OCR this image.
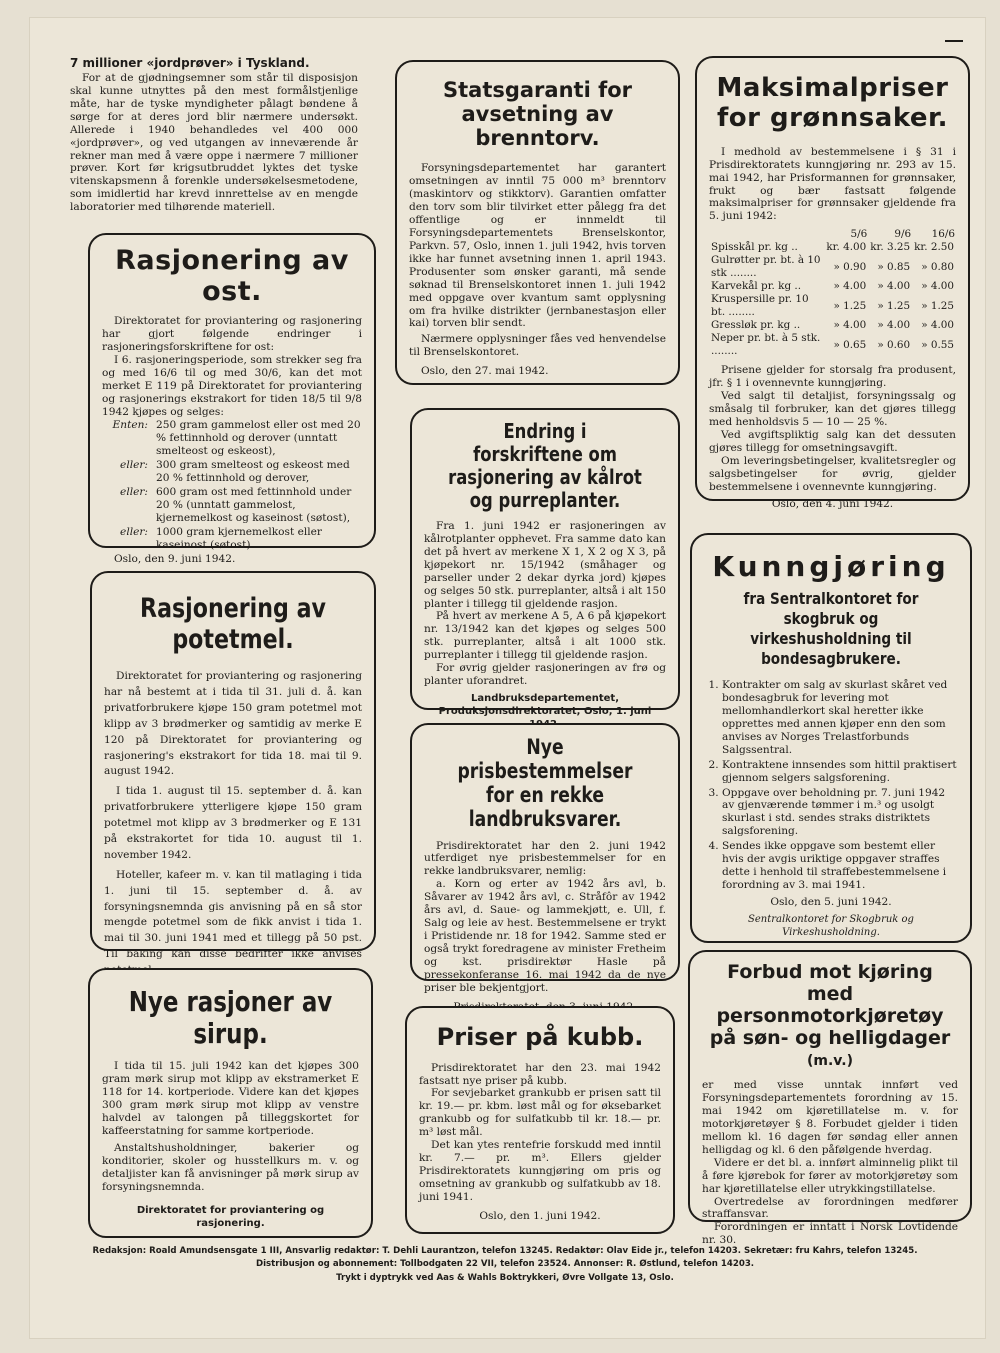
7 millioner «jordprøver» i Tyskland.

For at de gjødningsemner som står til disposisjon skal kunne utnyttes på den mest formålstjenlige måte, har de tyske myndigheter pålagt bøndene å sørge for at deres jord blir nærmere undersøkt. Allerede i 1940 behandledes vel 400 000 «jordprøver», og ved utgangen av inneværende år rekner man med å være oppe i nærmere 7 millioner prøver. Kort før krigsutbruddet lyktes det tyske vitenskapsmenn å forenkle undersøkelsesmetodene, som imidlertid har krevd innrettelse av en mengde laboratorier med tilhørende materiell.

Rasjonering av ost.

Direktoratet for proviantering og rasjonering har gjort følgende endringer i rasjoneringsforskriftene for ost:

I 6. rasjoneringsperiode, som strekker seg fra og med 16/6 til og med 30/6, kan det mot merket E 119 på Direktoratet for proviantering og rasjonerings ekstrakort for tiden 18/5 til 9/8 1942 kjøpes og selges:

Enten: 250 gram gammelost eller ost med 20 % fettinnhold og derover (unntatt smelteost og eskeost),
eller: 300 gram smelteost og eskeost med 20 % fettinnhold og derover,
eller: 600 gram ost med fettinnhold under 20 % (unntatt gammelost, kjernemelkost og kaseinost (søtost),
eller: 1000 gram kjernemelkost eller kaseinost (søtost).

Oslo, den 9. juni 1942.

Rasjonering av potetmel.

Direktoratet for proviantering og rasjonering har nå bestemt at i tida til 31. juli d. å. kan privatforbrukere kjøpe 150 gram potetmel mot klipp av 3 brødmerker og samtidig av merke E 120 på Direktoratet for proviantering og rasjonering's ekstrakort for tida 18. mai til 9. august 1942.

I tida 1. august til 15. september d. å. kan privatforbrukere ytterligere kjøpe 150 gram potetmel mot klipp av 3 brødmerker og E 131 på ekstrakortet for tida 10. august til 1. november 1942.

Hoteller, kafeer m. v. kan til matlaging i tida 1. juni til 15. september d. å. av forsyningsnemnda gis anvisning på en så stor mengde potetmel som de fikk anvist i tida 1. mai til 30. juni 1941 med et tillegg på 50 pst. Til baking kan disse bedrifter ikke anvises

Nye rasjoner av sirup.

I tida til 15. juli 1942 kan det kjøpes 300 gram mørk sirup mot klipp av ekstramerket E 118 for 14. kortperiode. Videre kan det kjøpes 300 gram mørk sirup mot klipp av venstre halvdel av talongen på tilleggskortet for kaffeerstatning for samme kortperiode.

Anstaltshusholdninger, bakerier og konditorier, skoler og husstellkurs m. v. og detaljister kan få anvisninger på mørk sirup av forsyningsnemnda.

Direktoratet for proviantering og rasjonering.
Statsgaranti for avsetning av brenntorv.

Forsyningsdepartementet har garantert omsetningen av inntil 75 000 m³ brenntorv (maskintorv og stikktorv). Garantien omfatter den torv som blir tilvirket etter pålegg fra det offentlige og er innmeldt til Forsyningsdepartementets Brenselskontor, Parkvn. 57, Oslo, innen 1. juli 1942, hvis torven ikke har funnet avsetning innen 1. april 1943. Produsenter som ønsker garanti, må sende søknad til Brenselskontoret innen 1. juli 1942 med oppgave over kvantum samt opplysning om fra hvilke distrikter (jernbanestasjon eller kai) torven blir sendt.

Nærmere opplysninger fåes ved henvendelse til Brenselskontoret.

Oslo, den 27. mai 1942.

Endring i forskriftene om rasjonering av kålrot og purreplanter.

Fra 1. juni 1942 er rasjoneringen av kålrotplanter opphevet. Fra samme dato kan det på hvert av merkene X 1, X 2 og X 3, på kjøpekort nr. 15/1942 (småhager og parseller under 2 dekar dyrka jord) kjøpes og selges 50 stk. purreplanter, altså i alt 150 planter i tillegg til gjeldende rasjon.

På hvert av merkene A 5, A 6 på kjøpekort nr. 13/1942 kan det kjøpes og selges 500 stk. purreplanter, altså i alt 1000 stk. purreplanter i tillegg til gjeldende rasjon.

For øvrig gjelder rasjoneringen av frø og planter uforandret.

Landbruksdepartementet, Produksjonsdirektoratet, Oslo, 1. juni
Nye prisbestemmelser for en rekke landbruksvarer.

Prisdirektoratet har den 2. juni 1942 utferdiget nye prisbestemmelser for en rekke landbruksvarer, nemlig:

a. Korn og erter av 1942 års avl, b. Såvarer av 1942 års avl, c. Stråfôr av 1942 års avl, d. Saue- og lammekjøtt, e. Ull, f. Salg og leie av hest. Bestemmelsene er trykt i Pristidende nr. 18 for 1942. Samme sted er også trykt foredragene av minister Fretheim og kst. prisdirektør Hasle på pressekonferanse 16. mai 1942 da de nye priser ble bekjentgjort.

Priser på kubb.

Prisdirektoratet har den 23. mai 1942 fastsatt nye priser på kubb.

For sevjebarket grankubb er prisen satt til kr. 19.— pr. kbm. løst mål og for øksebarket grankubb og for sulfatkubb til kr. 18.— pr. m³ løst mål.

Det kan ytes rentefrie forskudd med inntil kr. 7.— pr. m³. Ellers gjelder Prisdirektoratets kunngjøring om pris og omsetning av grankubb og sulfatkubb av 18. juni 1941.

Oslo, den 1. juni 1942.

Maksimalpriser for grønnsaker.

I medhold av bestemmelsene i § 31 i Prisdirektoratets kunngjøring nr. 293 av 15. mai 1942, har Prisformannen for grønnsaker, frukt og bær fastsatt følgende maksimalpriser for grønnsaker gjeldende fra 5. juni 1942:

	5/6	9/6	16/6
Spisskål pr. kg ..	kr. 4.00	kr. 3.25	kr. 2.50
Gulrøtter pr. bt. à 10 stk ........	» 0.90	» 0.85	» 0.80
Karvekål pr. kg ..	» 4.00	» 4.00	» 4.00
Kruspersille pr. 10 bt. ........	» 1.25	» 1.25	» 1.25
Gressløk pr. kg ..	» 4.00	» 4.00	» 4.00
Neper pr. bt. à 5 stk. ........	» 0.65	» 0.60	» 0.55

Prisene gjelder for storsalg fra produsent, jfr. § 1 i ovennevnte kunngjøring.

Ved salgt til detaljist, forsyningssalg og småsalg til forbruker, kan det gjøres tillegg med henholdsvis 5 — 10 — 25 %.

Ved avgiftspliktig salg kan det dessuten gjøres tillegg for omsetningsavgift.

Om leveringsbetingelser, kvalitetsregler og salgsbetingelser for øvrig, gjelder bestemmelsene i ovennevnte kunngjøring.

Oslo, den 4. juni 1942.

Kunngjøring
fra Sentralkontoret for skogbruk og virkeshusholdning til bondesagbrukere.
1. Kontrakter om salg av skurlast skåret ved bondesagbruk for levering mot mellomhandlerkort skal heretter ikke opprettes med annen kjøper enn den som anvises av Norges Trelastforbunds Salgssentral.
2. Kontraktene innsendes som hittil praktisert gjennom selgers salgsforening.
3. Oppgave over beholdning pr. 7. juni 1942 av gjenværende tømmer i m.³ og usolgt skurlast i std. sendes straks distriktets salgsforening.
4. Sendes ikke oppgave som bestemt eller hvis der avgis uriktige oppgaver straffes dette i henhold til straffebestemmelsene i forordning av 3. mai 1941.

Oslo, den 5. juni 1942.

Sentralkontoret for Skogbruk og Virkeshusholdning.
Forbud mot kjøring med personmotorkjøretøy på søn- og helligdager (m.v.)

er med visse unntak innført ved Forsyningsdepartementets forordning av 15. mai 1942 om kjøretillatelse m. v. for motorkjøretøyer § 8. Forbudet gjelder i tiden mellom kl. 16 dagen før søndag eller annen helligdag og kl. 6 den påfølgende hverdag.

Videre er det bl. a. innført alminnelig plikt til å føre kjørebok for fører av motorkjøretøy som har kjøretillatelse eller utrykkingstillatelse.

Overtredelse av forordningen medfører straffansvar.

Forordningen er inntatt i Norsk Lovtidende nr. 30.

Redaksjon: Roald Amundsensgate 1 III, Ansvarlig redaktør: T. Dehli Laurantzon, telefon 13245. Redaktør: Olav Eide jr., telefon 14203. Sekretær: fru Kahrs, telefon 13245.
Distribusjon og abonnement: Tollbodgaten 22 VII, telefon 23524. Annonser: R. Østlund, telefon 14203.
Trykt i dyptrykk ved Aas & Wahls Boktrykkeri, Øvre Vollgate 13, Oslo.
